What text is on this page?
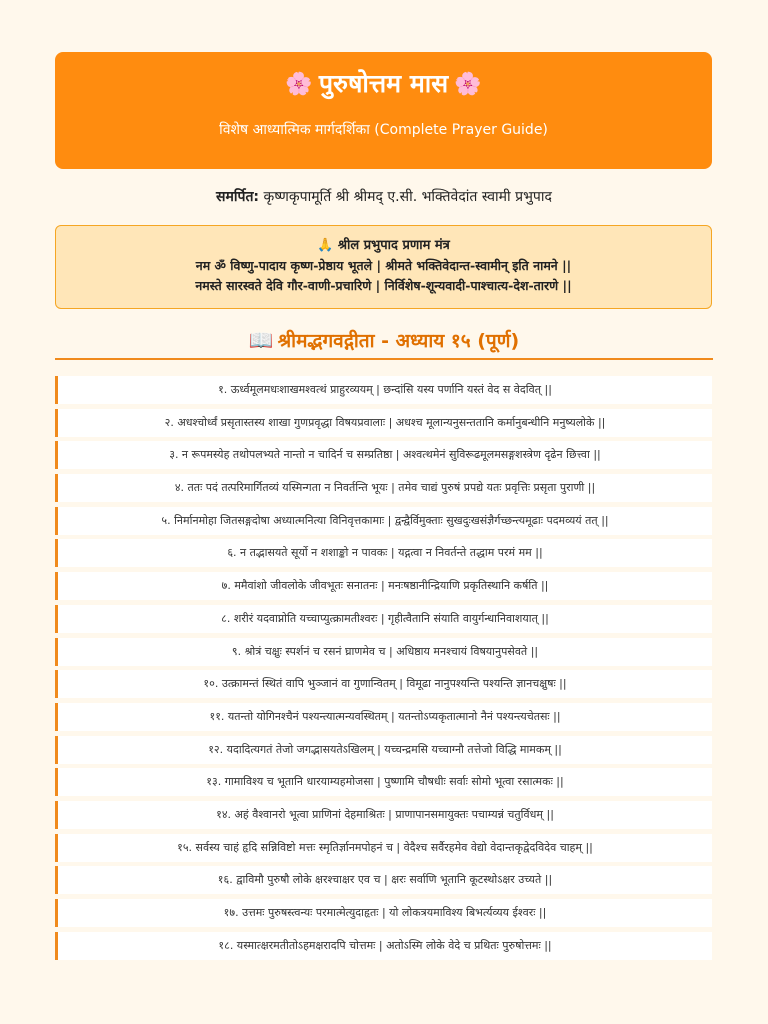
🌸 पुरुषोत्तम मास 🌸
विशेष आध्यात्मिक मार्गदर्शिका (Complete Prayer Guide)
समर्पित: कृष्णकृपामूर्ति श्री श्रीमद् ए.सी. भक्तिवेदांत स्वामी प्रभुपाद
🙏 श्रील प्रभुपाद प्रणाम मंत्र
नम ॐ विष्णु-पादाय कृष्ण-प्रेष्ठाय भूतले | श्रीमते भक्तिवेदान्त-स्वामीन् इति नामने ||
नमस्ते सारस्वते देवि गौर-वाणी-प्रचारिणे | निर्विशेष-शून्यवादी-पाश्चात्य-देश-तारणे ||
📖 श्रीमद्भगवद्गीता - अध्याय १५ (पूर्ण)
१. ऊर्ध्वमूलमधःशाखमश्वत्थं प्राहुरव्ययम् | छन्दांसि यस्य पर्णानि यस्तं वेद स वेदवित् ||
२. अधश्चोर्ध्वं प्रसृतास्तस्य शाखा गुणप्रवृद्धा विषयप्रवालाः | अधश्च मूलान्यनुसन्ततानि कर्मानुबन्धीनि मनुष्यलोके ||
३. न रूपमस्येह तथोपलभ्यते नान्तो न चादिर्न च सम्प्रतिष्ठा | अश्वत्थमेनं सुविरूढमूलमसङ्गशस्त्रेण दृढेन छित्त्वा ||
४. ततः पदं तत्परिमार्गितव्यं यस्मिन्गता न निवर्तन्ति भूयः | तमेव चाद्यं पुरुषं प्रपद्ये यतः प्रवृत्तिः प्रसृता पुराणी ||
५. निर्मानमोहा जितसङ्गदोषा अध्यात्मनित्या विनिवृत्तकामाः | द्वन्द्वैर्विमुक्ताः सुखदुःखसंज्ञैर्गच्छन्त्यमूढाः पदमव्ययं तत् ||
६. न तद्भासयते सूर्यो न शशाङ्को न पावकः | यद्गत्वा न निवर्तन्ते तद्धाम परमं मम ||
७. ममैवांशो जीवलोके जीवभूतः सनातनः | मनःषष्ठानीन्द्रियाणि प्रकृतिस्थानि कर्षति ||
८. शरीरं यदवाप्नोति यच्चाप्युत्क्रामतीश्वरः | गृहीत्वैतानि संयाति वायुर्गन्धानिवाशयात् ||
९. श्रोत्रं चक्षुः स्पर्शनं च रसनं घ्राणमेव च | अधिष्ठाय मनश्चायं विषयानुपसेवते ||
१०. उत्क्रामन्तं स्थितं वापि भुञ्जानं वा गुणान्वितम् | विमूढा नानुपश्यन्ति पश्यन्ति ज्ञानचक्षुषः ||
११. यतन्तो योगिनश्चैनं पश्यन्त्यात्मन्यवस्थितम् | यतन्तोऽप्यकृतात्मानो नैनं पश्यन्त्यचेतसः ||
१२. यदादित्यगतं तेजो जगद्भासयतेऽखिलम् | यच्चन्द्रमसि यच्चाग्नौ तत्तेजो विद्धि मामकम् ||
१३. गामाविश्य च भूतानि धारयाम्यहमोजसा | पुष्णामि चौषधीः सर्वाः सोमो भूत्वा रसात्मकः ||
१४. अहं वैश्वानरो भूत्वा प्राणिनां देहमाश्रितः | प्राणापानसमायुक्तः पचाम्यन्नं चतुर्विधम् ||
१५. सर्वस्य चाहं हृदि सन्निविष्टो मत्तः स्मृतिर्ज्ञानमपोहनं च | वेदैश्च सर्वैरहमेव वेद्यो वेदान्तकृद्वेदविदेव चाहम् ||
१६. द्वाविमौ पुरुषौ लोके क्षरश्चाक्षर एव च | क्षरः सर्वाणि भूतानि कूटस्थोऽक्षर उच्यते ||
१७. उत्तमः पुरुषस्त्वन्यः परमात्मेत्युदाहृतः | यो लोकत्रयमाविश्य बिभर्त्यव्यय ईश्वरः ||
१८. यस्मात्क्षरमतीतोऽहमक्षरादपि चोत्तमः | अतोऽस्मि लोके वेदे च प्रथितः पुरुषोत्तमः ||
